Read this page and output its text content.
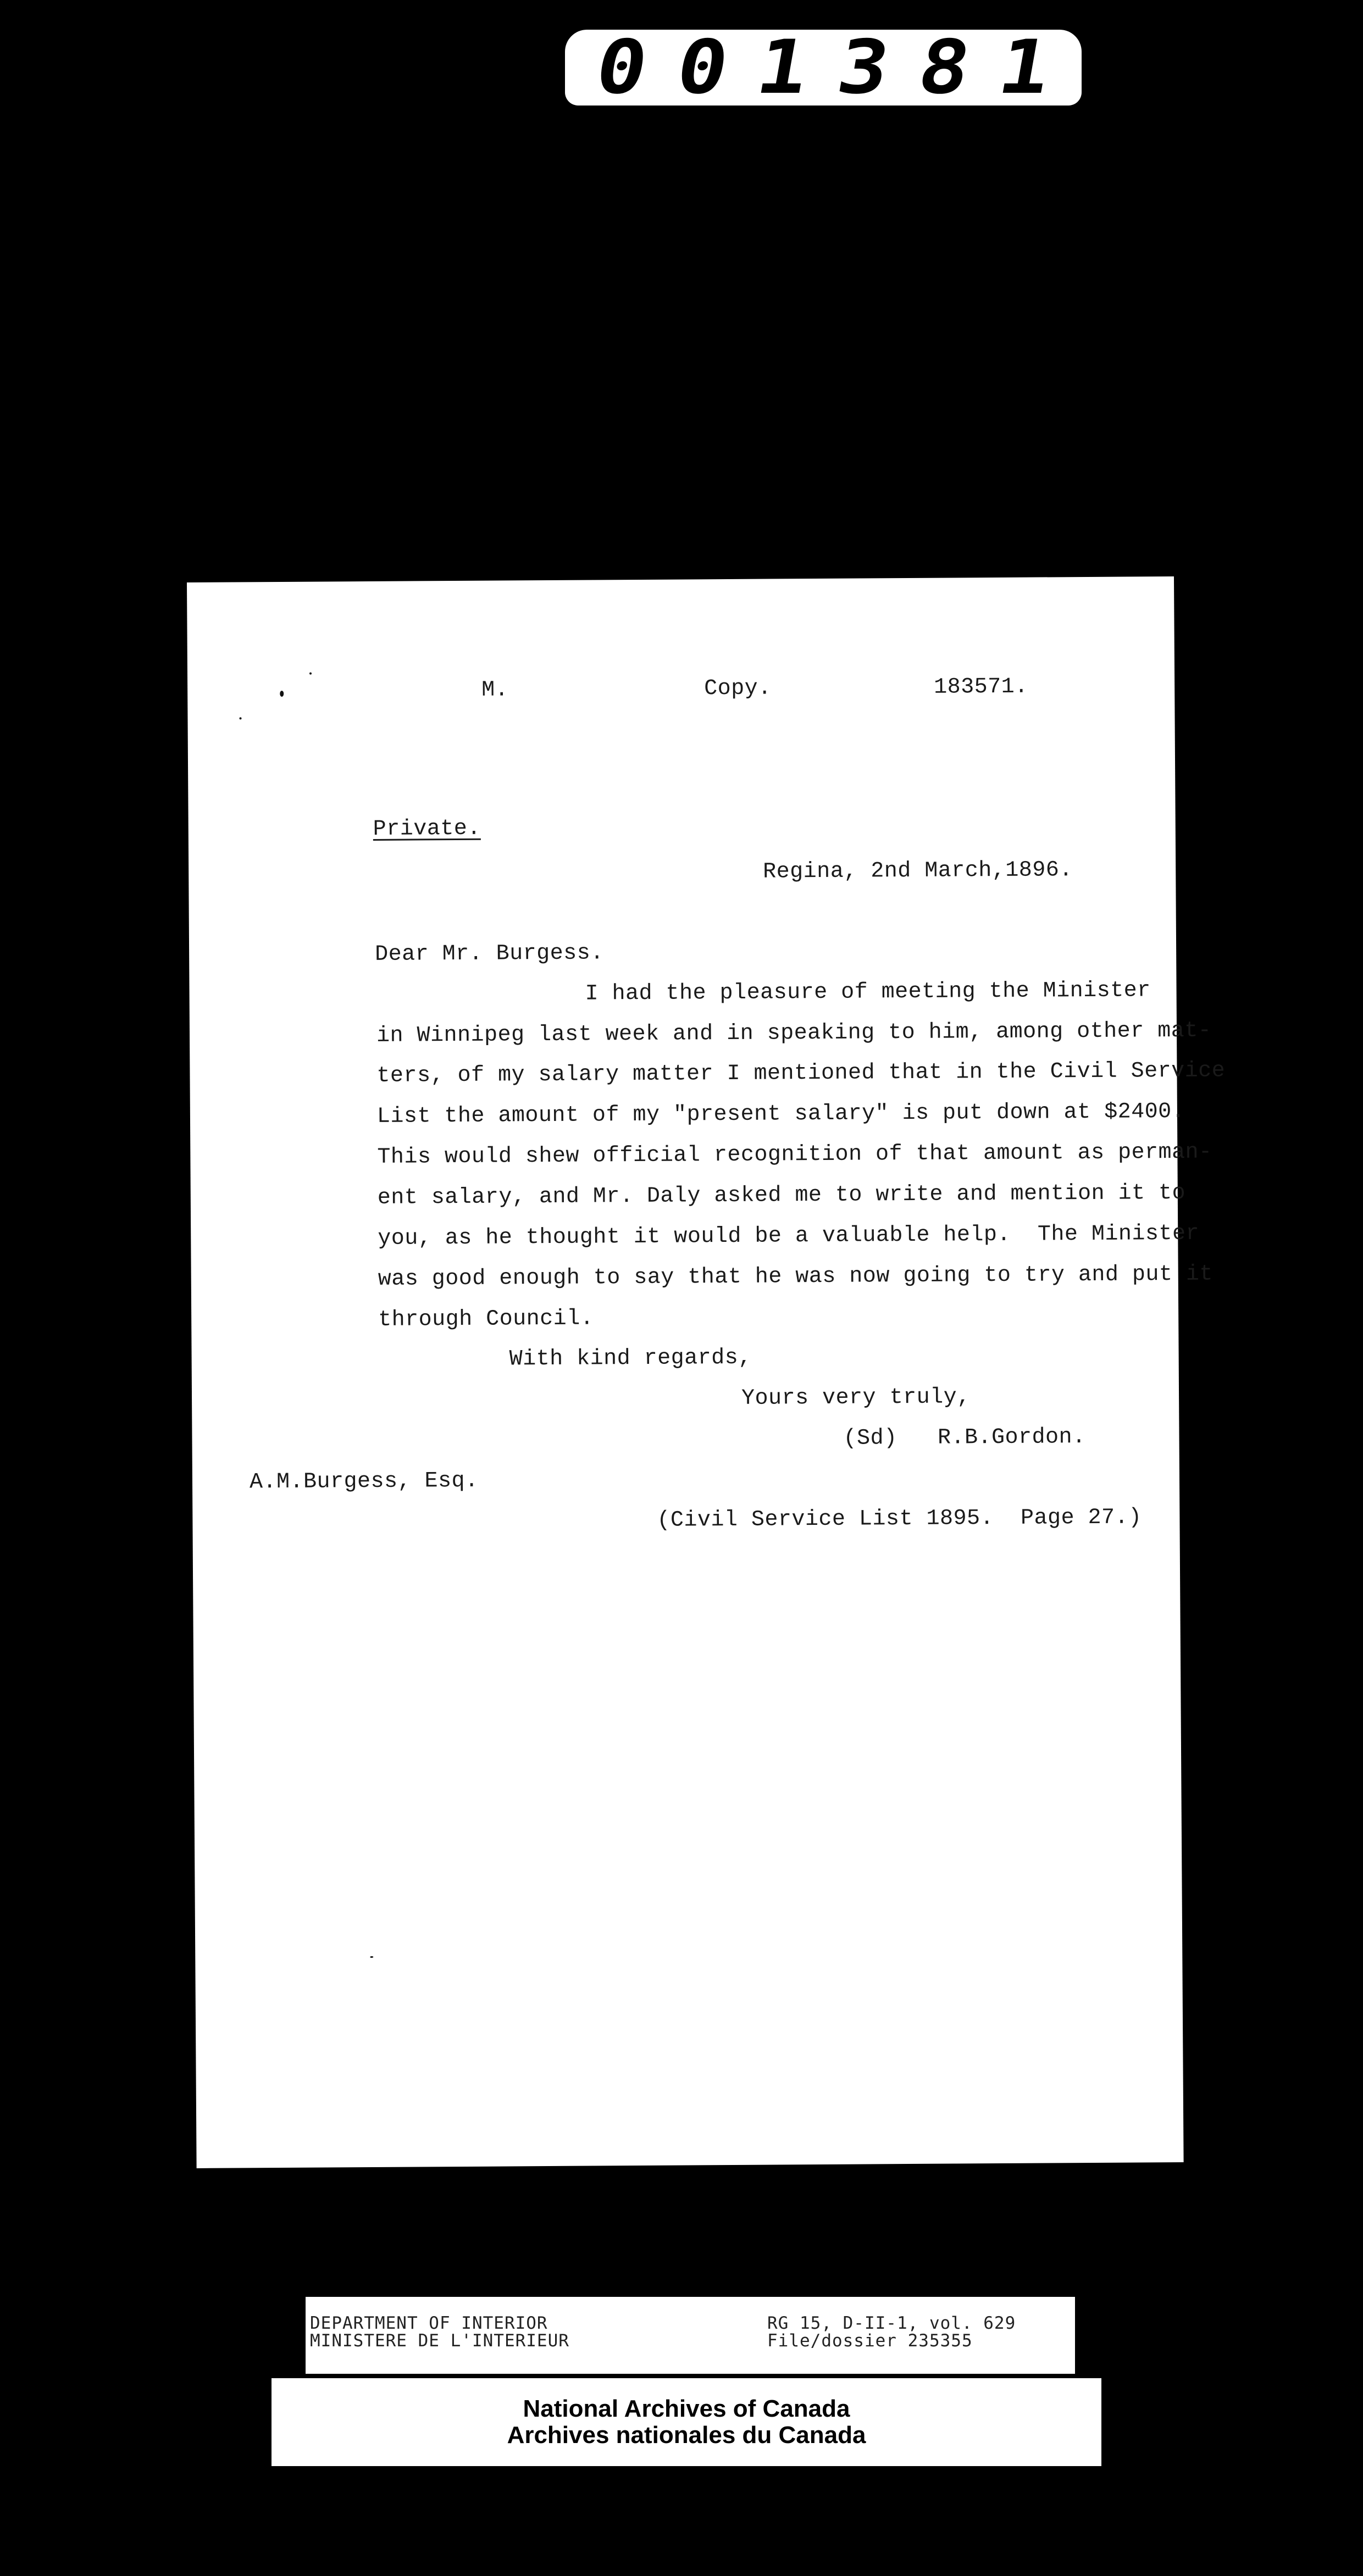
0 0 1 3 8 1
M.	Copy.	183571.
Private.
Regina, 2nd March,1896.
Dear Mr. Burgess.
I had the pleasure of meeting the Minister
in Winnipeg last week and in speaking to him, among other mat-
ters, of my salary matter I mentioned that in the Civil Service
List the amount of my "present salary" is put down at $2400.
This would shew official recognition of that amount as perman-
ent salary, and Mr. Daly asked me to write and mention it to
you, as he thought it would be a valuable help.  The Minister
was good enough to say that he was now going to try and put it
through Council.
With kind regards,
Yours very truly,
(Sd)   R.B.Gordon.
A.M.Burgess, Esq.
(Civil Service List 1895.  Page 27.)
DEPARTMENT OF INTERIOR
MINISTERE DE L'INTERIEUR
RG 15, D-II-1, vol. 629
File/dossier 235355
National Archives of Canada
Archives nationales du Canada
